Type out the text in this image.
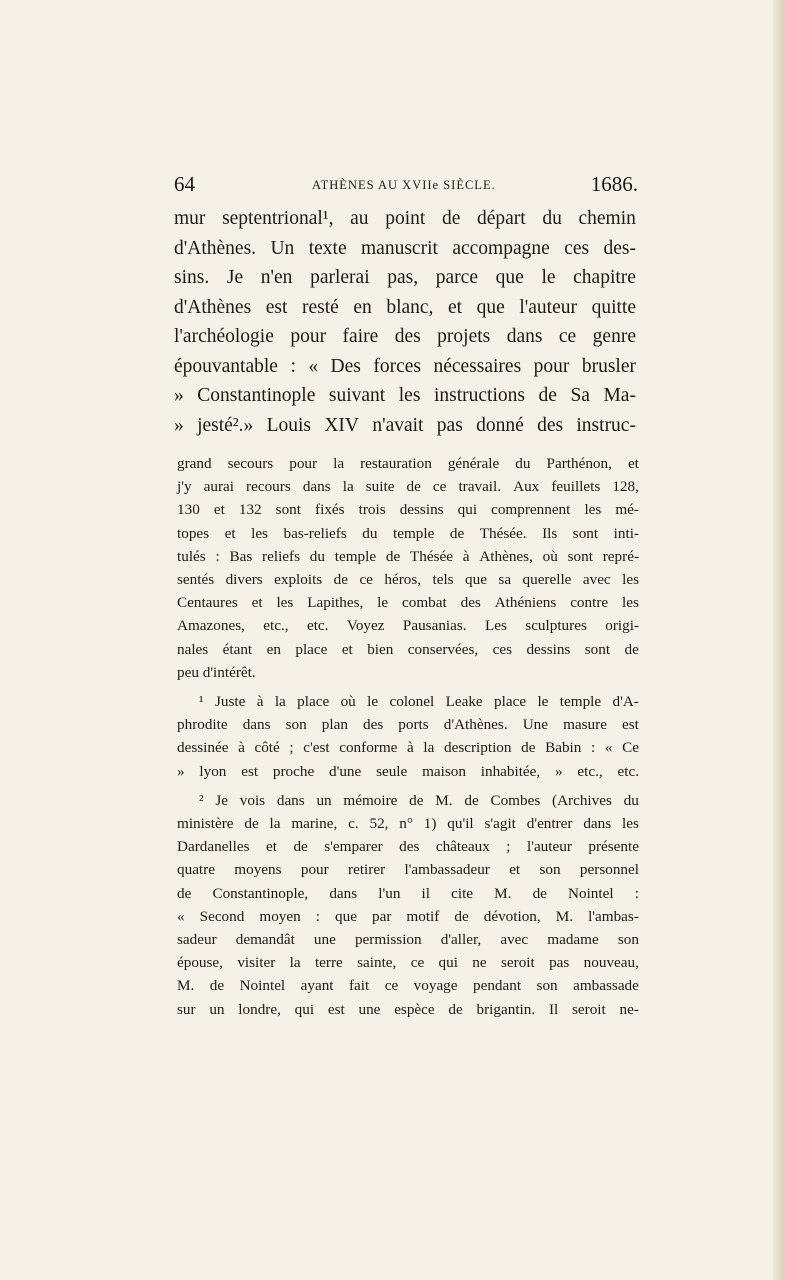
64	ATHÈNES AU XVIIe SIÈCLE.	1686.
mur septentrional¹, au point de départ du chemin
d'Athènes. Un texte manuscrit accompagne ces des-
sins. Je n'en parlerai pas, parce que le chapitre
d'Athènes est resté en blanc, et que l'auteur quitte
l'archéologie pour faire des projets dans ce genre
épouvantable : « Des forces nécessaires pour brusler
» Constantinople suivant les instructions de Sa Ma-
» jesté².» Louis XIV n'avait pas donné des instruc-
grand secours pour la restauration générale du Parthénon, et
j'y aurai recours dans la suite de ce travail. Aux feuillets 128,
130 et 132 sont fixés trois dessins qui comprennent les mé-
topes et les bas-reliefs du temple de Thésée. Ils sont inti-
tulés : Bas reliefs du temple de Thésée à Athènes, où sont repré-
sentés divers exploits de ce héros, tels que sa querelle avec les
Centaures et les Lapithes, le combat des Athéniens contre les
Amazones, etc., etc. Voyez Pausanias. Les sculptures origi-
nales étant en place et bien conservées, ces dessins sont de
peu d'intérêt.
¹ Juste à la place où le colonel Leake place le temple d'A-
phrodite dans son plan des ports d'Athènes. Une masure est
dessinée à côté ; c'est conforme à la description de Babin : « Ce
» lyon est proche d'une seule maison inhabitée, » etc., etc.
² Je vois dans un mémoire de M. de Combes (Archives du
ministère de la marine, c. 52, n° 1) qu'il s'agit d'entrer dans les
Dardanelles et de s'emparer des châteaux ; l'auteur présente
quatre moyens pour retirer l'ambassadeur et son personnel
de Constantinople, dans l'un il cite M. de Nointel :
« Second moyen : que par motif de dévotion, M. l'ambas-
sadeur demandât une permission d'aller, avec madame son
épouse, visiter la terre sainte, ce qui ne seroit pas nouveau,
M. de Nointel ayant fait ce voyage pendant son ambassade
sur un londre, qui est une espèce de brigantin. Il seroit ne-
